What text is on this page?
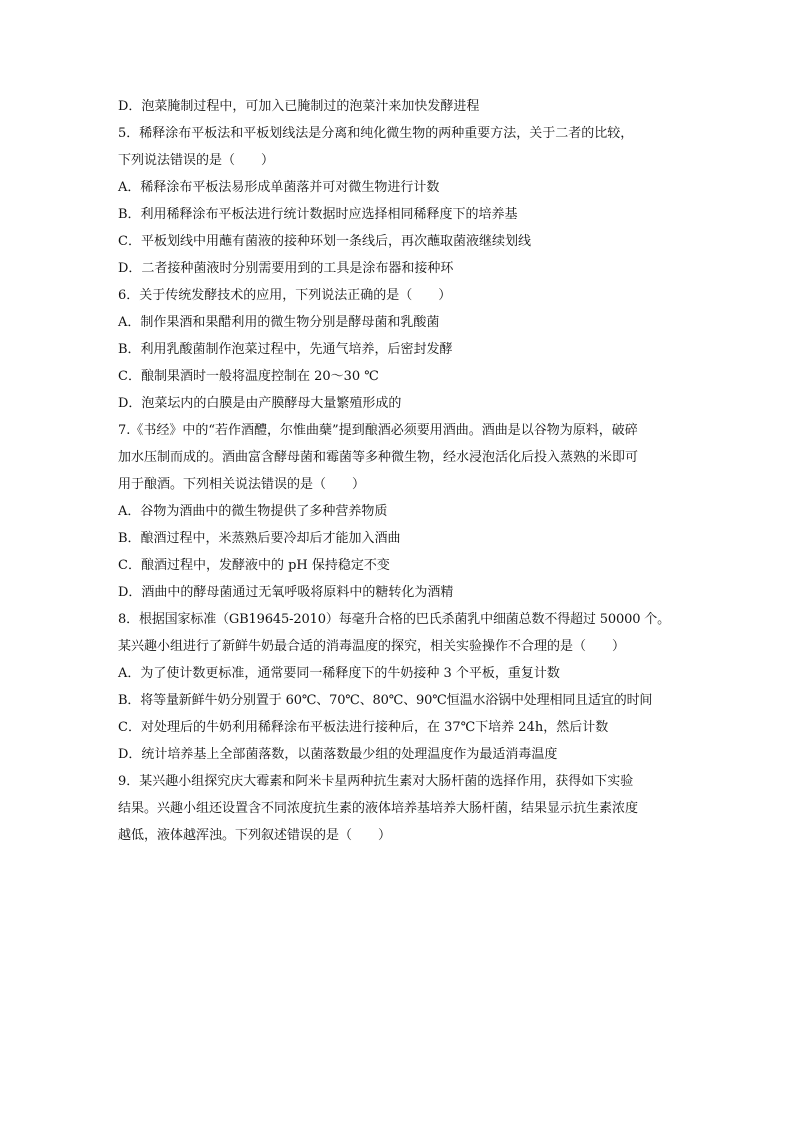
D．泡菜腌制过程中，可加入已腌制过的泡菜汁来加快发酵进程
5．稀释涂布平板法和平板划线法是分离和纯化微生物的两种重要方法，关于二者的比较，
下列说法错误的是（　　）
A．稀释涂布平板法易形成单菌落并可对微生物进行计数
B．利用稀释涂布平板法进行统计数据时应选择相同稀释度下的培养基
C．平板划线中用蘸有菌液的接种环划一条线后，再次蘸取菌液继续划线
D．二者接种菌液时分别需要用到的工具是涂布器和接种环
6．关于传统发酵技术的应用，下列说法正确的是（　　）
A．制作果酒和果醋利用的微生物分别是酵母菌和乳酸菌
B．利用乳酸菌制作泡菜过程中，先通气培养，后密封发酵
C．酿制果酒时一般将温度控制在 20～30 ℃
D．泡菜坛内的白膜是由产膜酵母大量繁殖形成的
7.《书经》中的“若作酒醴，尔惟曲蘖”提到酿酒必须要用酒曲。酒曲是以谷物为原料，破碎
加水压制而成的。酒曲富含酵母菌和霉菌等多种微生物，经水浸泡活化后投入蒸熟的米即可
用于酿酒。下列相关说法错误的是（　　）
A．谷物为酒曲中的微生物提供了多种营养物质
B．酿酒过程中，米蒸熟后要冷却后才能加入酒曲
C．酿酒过程中，发酵液中的 pH 保持稳定不变
D．酒曲中的酵母菌通过无氧呼吸将原料中的糖转化为酒精
8．根据国家标准（GB19645-2010）每毫升合格的巴氏杀菌乳中细菌总数不得超过 50000 个。
某兴趣小组进行了新鲜牛奶最合适的消毒温度的探究，相关实验操作不合理的是（　　）
A．为了使计数更标准，通常要同一稀释度下的牛奶接种 3 个平板，重复计数
B．将等量新鲜牛奶分别置于 60℃、70℃、80℃、90℃恒温水浴锅中处理相同且适宜的时间
C．对处理后的牛奶利用稀释涂布平板法进行接种后，在 37℃下培养 24h，然后计数
D．统计培养基上全部菌落数，以菌落数最少组的处理温度作为最适消毒温度
9．某兴趣小组探究庆大霉素和阿米卡星两种抗生素对大肠杆菌的选择作用，获得如下实验
结果。兴趣小组还设置含不同浓度抗生素的液体培养基培养大肠杆菌，结果显示抗生素浓度
越低，液体越浑浊。下列叙述错误的是（　　）
